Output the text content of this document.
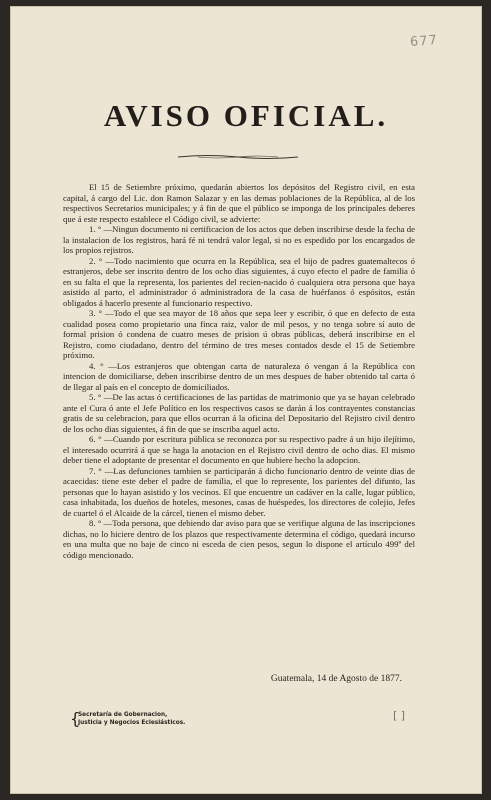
677
AVISO OFICIAL.

El 15 de Setiembre próximo, quedarán abiertos los depósitos del Registro civil, en esta capital, á cargo del Lic. don Ramon Salazar y en las demas poblaciones de la República, al de los respectivos Secretarios municipales; y á fin de que el público se imponga de los principales deberes que á este respecto establece el Código civil, se advierte:

1. ° —Ningun documento ni certificacion de los actos que deben inscribirse desde la fecha de la instalacion de los registros, hará fé ni tendrá valor legal, si no es espedido por los encargados de los propios rejistros.

2. ° —Todo nacimiento que ocurra en la República, sea el hijo de padres guatemaltecos ó estranjeros, debe ser inscrito dentro de los ocho dias siguientes, á cuyo efecto el padre de familia ó en su falta el que la representa, los parientes del recien-nacido ó cualquiera otra persona que haya asistido al parto, el administrador ó administradora de la casa de huérfanos ó espósitos, están obligados á hacerlo presente al funcionario respectivo.

3. ° —Todo el que sea mayor de 18 años que sepa leer y escribir, ó que en defecto de esta cualidad posea como propietario una finca raiz, valor de mil pesos, y no tenga sobre sí auto de formal prision ó condena de cuatro meses de prision ú obras públicas, deberá inscribirse en el Rejistro, como ciudadano, dentro del término de tres meses contados desde el 15 de Setiembre próximo.

4. ° —Los estranjeros que obtengan carta de naturaleza ó vengan á la República con intencion de domiciliarse, deben inscribirse dentro de un mes despues de haber obtenido tal carta ó de llegar al país en el concepto de domiciliados.

5. ° —De las actas ó certificaciones de las partidas de matrimonio que ya se hayan celebrado ante el Cura ó ante el Jefe Político en los respectivos casos se darán á los contrayentes constancias gratis de su celebracion, para que ellos ocurran á la oficina del Depositario del Rejistro civil dentro de los ocho dias siguientes, á fin de que se inscriba aquel acto.

6. ° —Cuando por escritura pública se reconozca por su respectivo padre á un hijo ilejítimo, el interesado ocurrirá á que se haga la anotacion en el Rejistro civil dentro de ocho dias. El mismo deber tiene el adoptante de presentar el documento en que hubiere hecho la adopcion.

7. ° —Las defunciones tambien se participarán á dicho funcionario dentro de veinte dias de acaecidas: tiene este deber el padre de familia, el que lo represente, los parientes del difunto, las personas que lo hayan asistido y los vecinos. El que encuentre un cadáver en la calle, lugar público, casa inhabitada, los dueños de hoteles, mesones, casas de huéspedes, los directores de colejio, Jefes de cuartel ó el Alcaide de la cárcel, tienen el mismo deber.

8. ° —Toda persona, que debiendo dar aviso para que se verifique alguna de las inscripciones dichas, no lo hiciere dentro de los plazos que respectivamente determina el código, quedará incurso en una multa que no baje de cinco ni esceda de cien pesos, segun lo dispone el artículo 499º del código mencionado.

Guatemala, 14 de Agosto de 1877.
{
Secretaría de Gobernacion,
Justicia y Negocios Eclesiásticos.
[ ]
